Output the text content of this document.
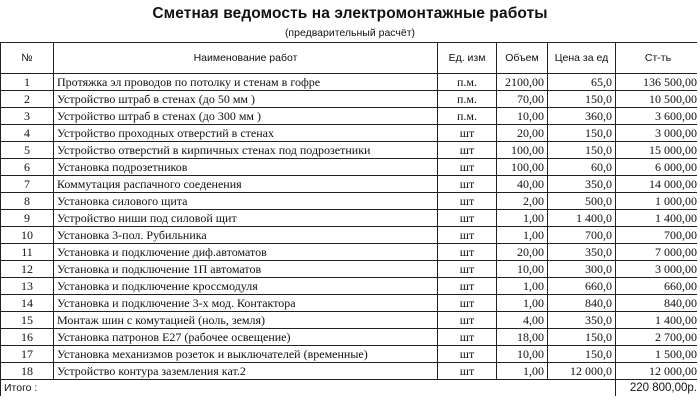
Сметная ведомость на электромонтажные работы
(предварительный расчёт)
№	Наименование работ	Ед. изм	Объем	Цена за ед	Ст-ть
1	Протяжка эл проводов по потолку и стенам в гофре	п.м.	2100,00	65,0	136 500,00
2	Устройство штраб в стенах (до 50 мм )	п.м.	70,00	150,0	10 500,00
3	Устройство штраб в стенах (до 300 мм )	п.м.	10,00	360,0	3 600,00
4	Устройство проходных отверстий в стенах	шт	20,00	150,0	3 000,00
5	Устройство отверстий в кирпичных стенах под подрозетники	шт	100,00	150,0	15 000,00
6	Установка подрозетников	шт	100,00	60,0	6 000,00
7	Коммутация распачного соеденения	шт	40,00	350,0	14 000,00
8	Установка силового щита	шт	2,00	500,0	1 000,00
9	Устройство ниши под силовой щит	шт	1,00	1 400,0	1 400,00
10	Установка 3-пол. Рубильника	шт	1,00	700,0	700,00
11	Установка и подключение диф.автоматов	шт	20,00	350,0	7 000,00
12	Установка и подключение 1П автоматов	шт	10,00	300,0	3 000,00
13	Установка и подключение кроссмодуля	шт	1,00	660,0	660,00
14	Установка и подключение 3-х мод. Контактора	шт	1,00	840,0	840,00
15	Монтаж шин с комутацией (ноль, земля)	шт	4,00	350,0	1 400,00
16	Установка патронов Е27 (рабочее освещение)	шт	18,00	150,0	2 700,00
17	Установка механизмов розеток и выключателей (временные)	шт	10,00	150,0	1 500,00
18	Устройство контура заземления кат.2	шт	1,00	12 000,0	12 000,00
Итого :					220 800,00р.
